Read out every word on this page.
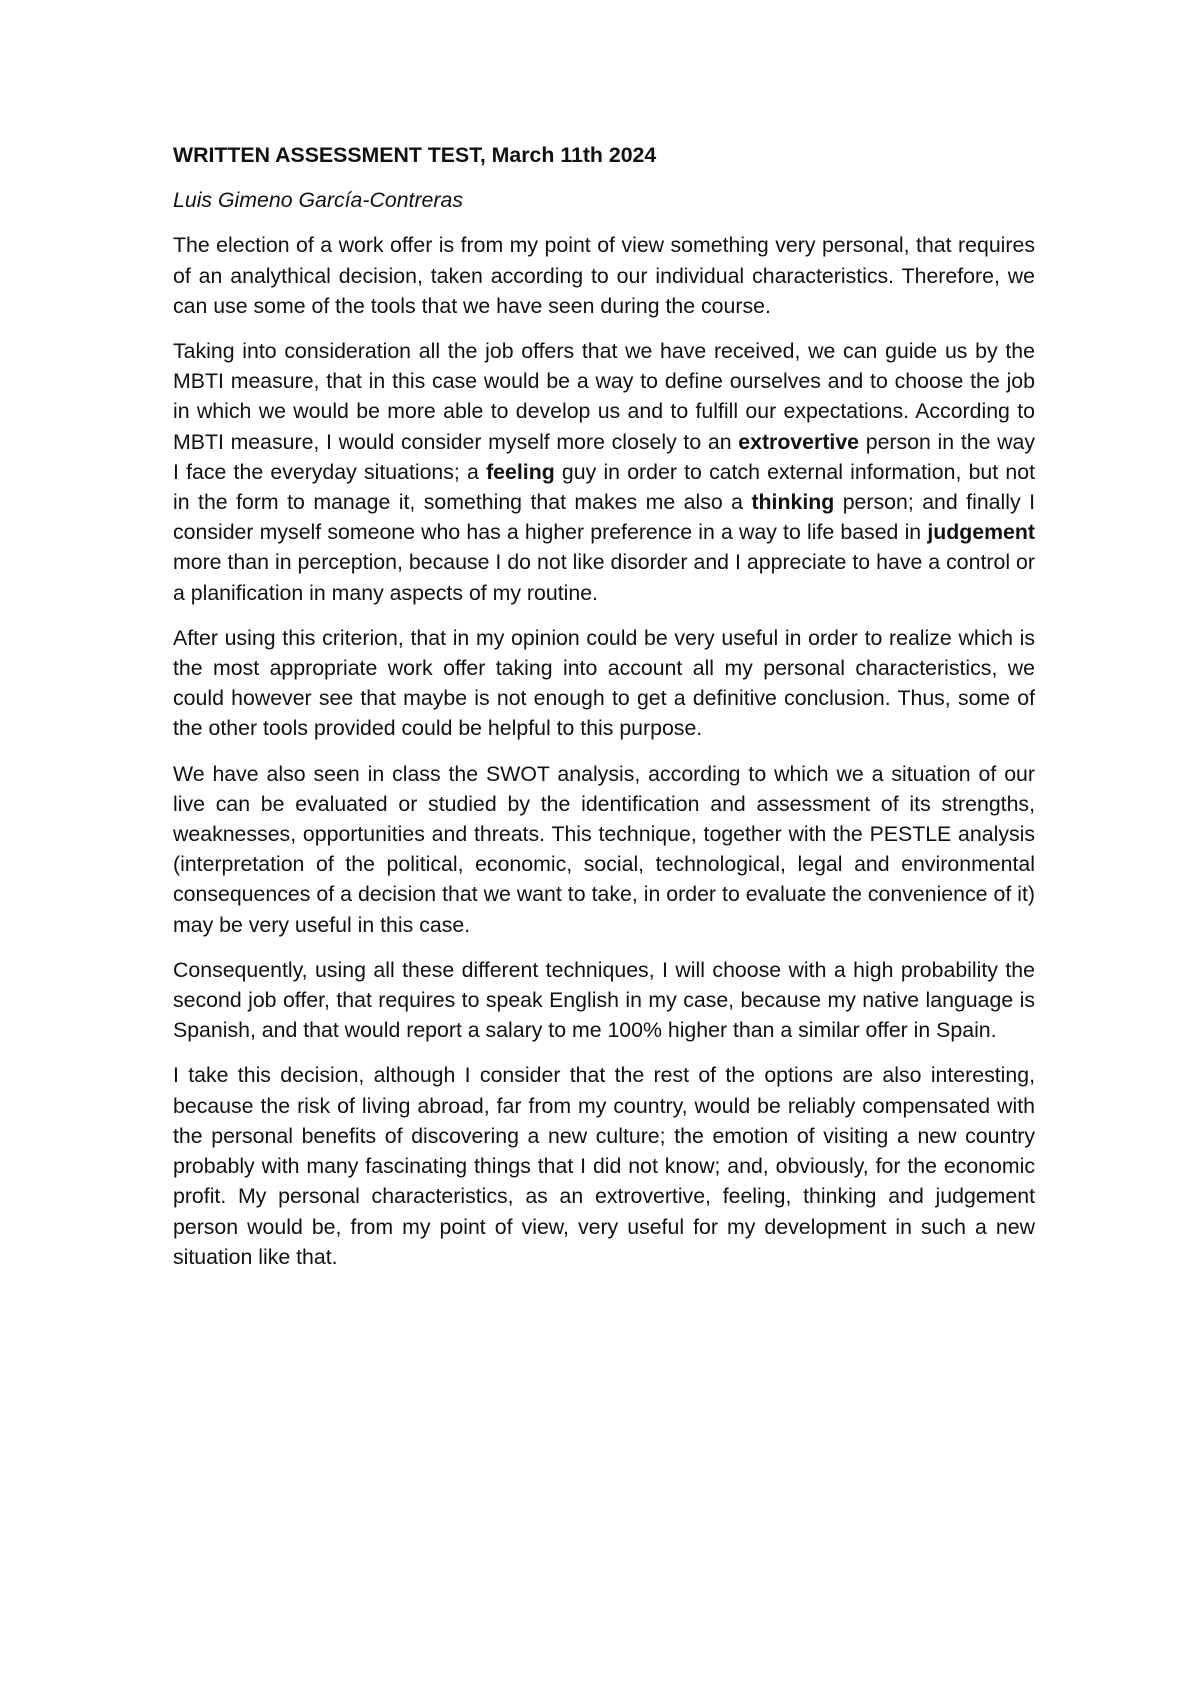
WRITTEN ASSESSMENT TEST, March 11th 2024
Luis Gimeno García-Contreras

The election of a work offer is from my point of view something very personal, that requires of an analythical decision, taken according to our individual characteristics. Therefore, we can use some of the tools that we have seen during the course.

Taking into consideration all the job offers that we have received, we can guide us by the MBTI measure, that in this case would be a way to define ourselves and to choose the job in which we would be more able to develop us and to fulfill our expectations. According to MBTI measure, I would consider myself more closely to an extrovertive person in the way I face the everyday situations; a feeling guy in order to catch external information, but not in the form to manage it, something that makes me also a thinking person; and finally I consider myself someone who has a higher preference in a way to life based in judgement more than in perception, because I do not like disorder and I appreciate to have a control or a planification in many aspects of my routine.

After using this criterion, that in my opinion could be very useful in order to realize which is the most appropriate work offer taking into account all my personal characteristics, we could however see that maybe is not enough to get a definitive conclusion. Thus, some of the other tools provided could be helpful to this purpose.

We have also seen in class the SWOT analysis, according to which we a situation of our live can be evaluated or studied by the identification and assessment of its strengths, weaknesses, opportunities and threats. This technique, together with the PESTLE analysis (interpretation of the political, economic, social, technological, legal and environmental consequences of a decision that we want to take, in order to evaluate the convenience of it) may be very useful in this case.

Consequently, using all these different techniques, I will choose with a high probability the second job offer, that requires to speak English in my case, because my native language is Spanish, and that would report a salary to me 100% higher than a similar offer in Spain.

I take this decision, although I consider that the rest of the options are also interesting, because the risk of living abroad, far from my country, would be reliably compensated with the personal benefits of discovering a new culture; the emotion of visiting a new country probably with many fascinating things that I did not know; and, obviously, for the economic profit. My personal characteristics, as an extrovertive, feeling, thinking and judgement person would be, from my point of view, very useful for my development in such a new situation like that.
